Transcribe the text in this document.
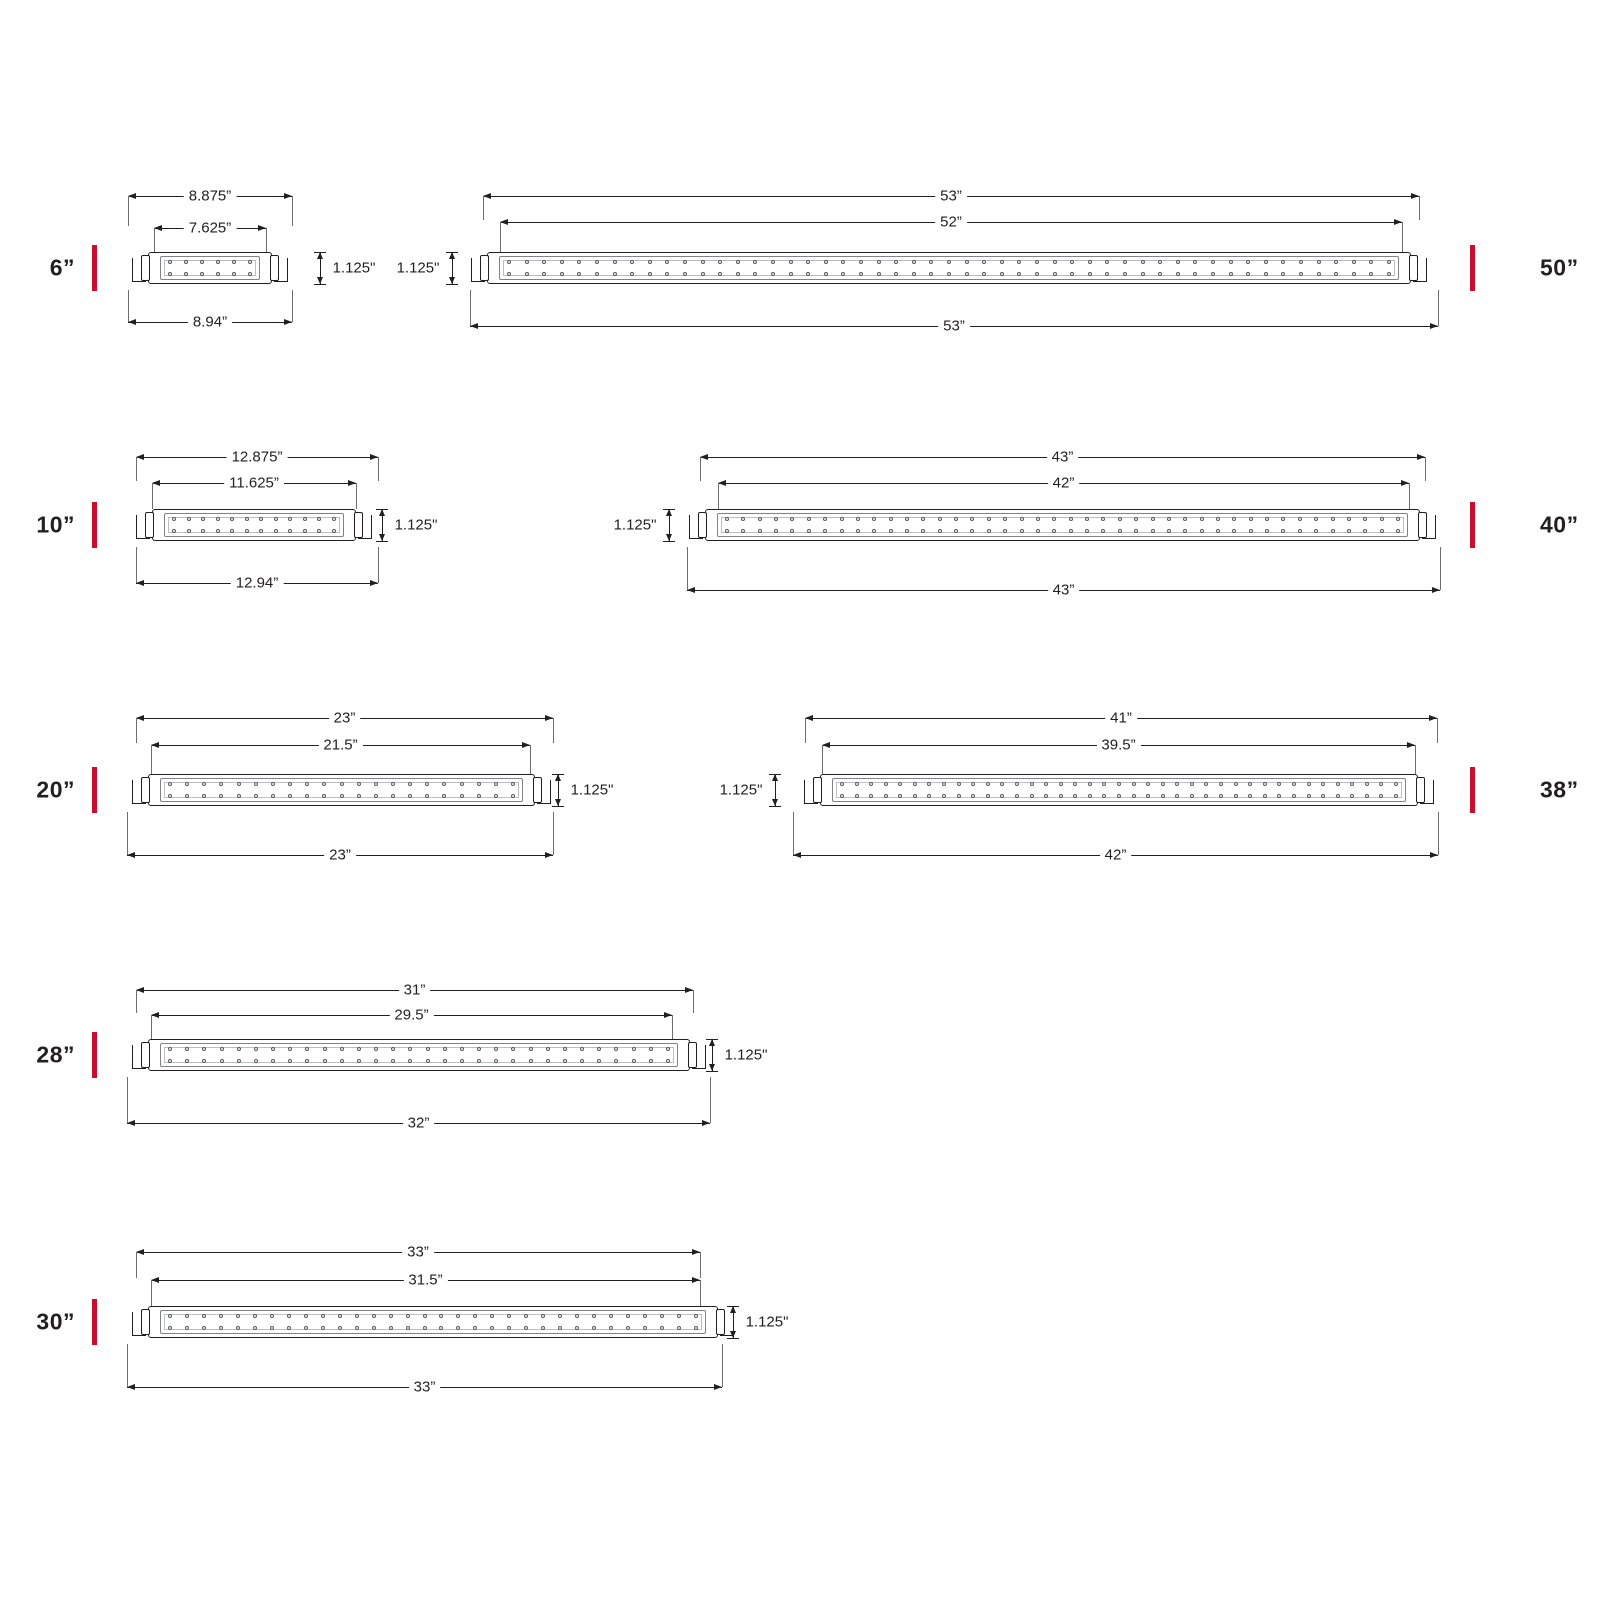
6”
8.875”
7.625”
8.94”
1.125"	50”
53”
52”
53”
1.125"
10”
12.875”
11.625”
12.94”
1.125"	40”
43”
42”
43”
1.125"
20”
23”
21.5”
23”
1.125"	38”
41”
39.5”
42”
1.125"
28”
31”
29.5”
32”
1.125"
30”
33”
31.5”
33”
1.125"
